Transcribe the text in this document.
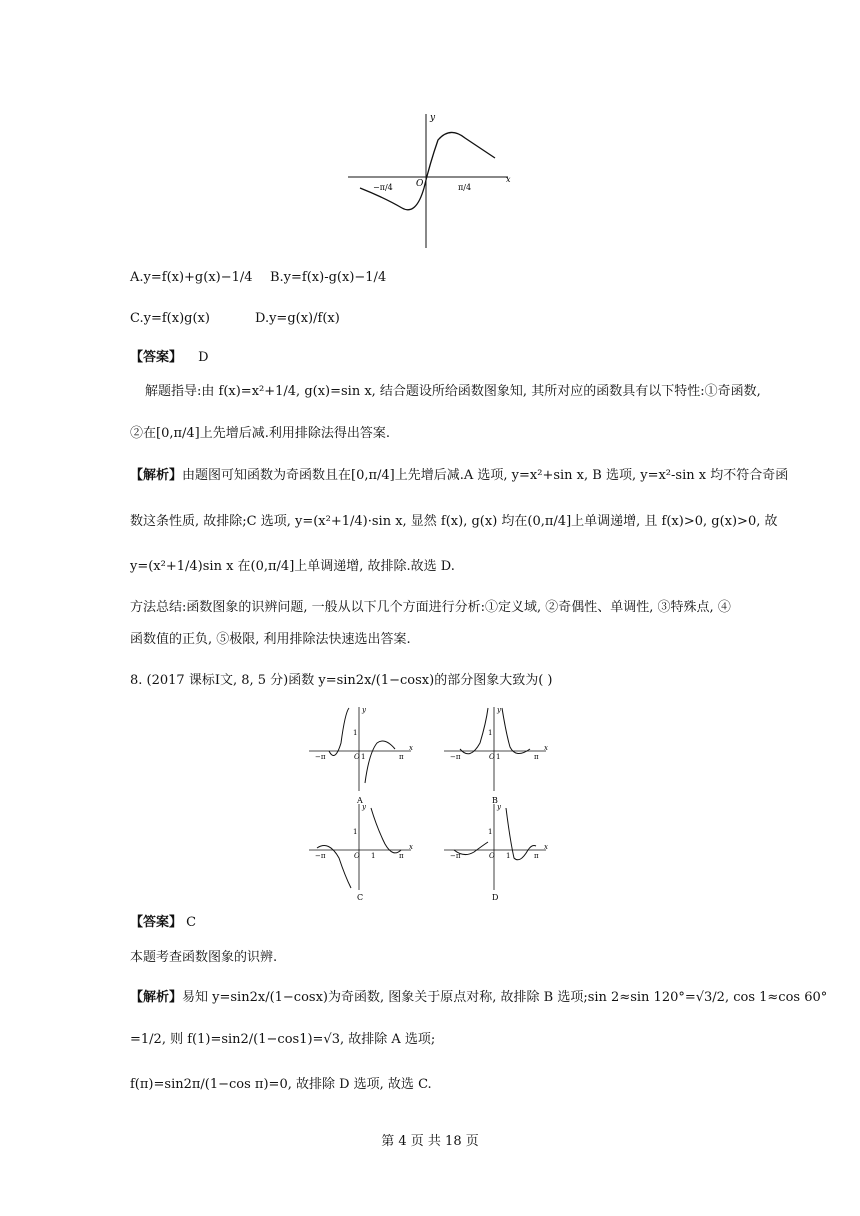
y
x
O
−π/4	π/4
A.y=f(x)+g(x)−1/4	B.y=f(x)-g(x)−1/4
C.y=f(x)g(x)	D.y=g(x)/f(x)
【答案】 D
解题指导:由 f(x)=x²+1/4, g(x)=sin x, 结合题设所给函数图象知, 其所对应的函数具有以下特性:①奇函数,
②在[0,π/4]上先增后减.利用排除法得出答案.
【解析】由题图可知函数为奇函数且在[0,π/4]上先增后减.A 选项, y=x²+sin x, B 选项, y=x²-sin x 均不符合奇函
数这条性质, 故排除;C 选项, y=(x²+1/4)·sin x, 显然 f(x), g(x) 均在(0,π/4]上单调递增, 且 f(x)>0, g(x)>0, 故
y=(x²+1/4)sin x 在(0,π/4]上单调递增, 故排除.故选 D.
方法总结:函数图象的识辨问题, 一般从以下几个方面进行分析:①定义域, ②奇偶性、单调性, ③特殊点, ④
函数值的正负, ⑤极限, 利用排除法快速选出答案.
8. (2017 课标Ⅰ文, 8, 5 分)函数 y=sin2x/(1−cosx)的部分图象大致为( )
y
x
1
O
−π	π
1
A
y
x
1
O
−π	π
1
B
y
x
1
O
−π	π
1
C
y
x
1
O
−π	π
1
D
【答案】 C
本题考查函数图象的识辨.
【解析】易知 y=sin2x/(1−cosx)为奇函数, 图象关于原点对称, 故排除 B 选项;sin 2≈sin 120°=√3/2, cos 1≈cos 60°
=1/2, 则 f(1)=sin2/(1−cos1)=√3, 故排除 A 选项;
f(π)=sin2π/(1−cos π)=0, 故排除 D 选项, 故选 C.
第 4 页 共 18 页
